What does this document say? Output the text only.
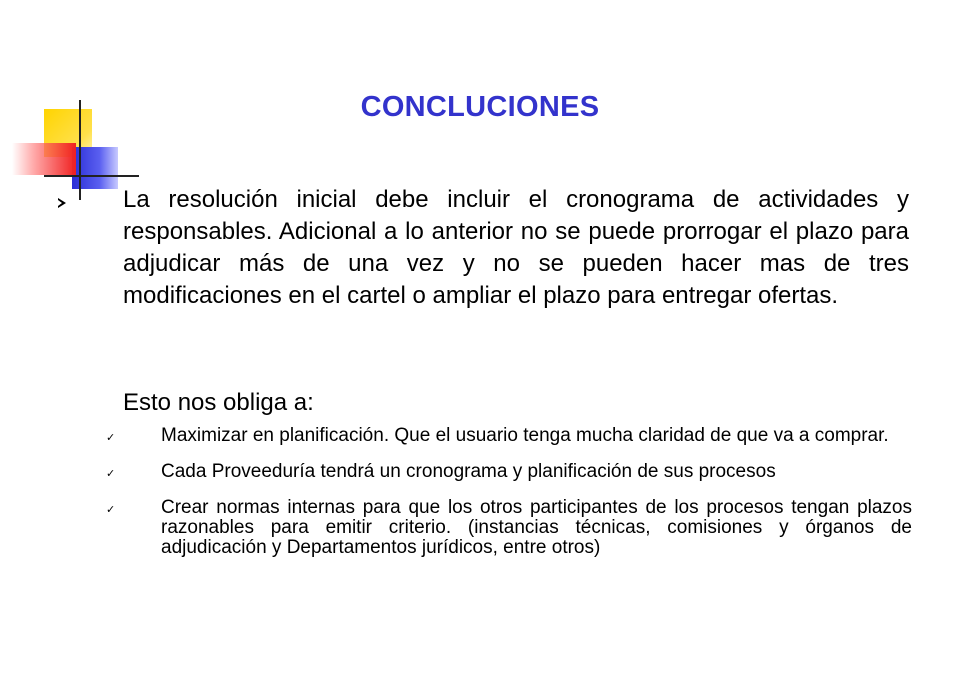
CONCLUCIONES
La resolución inicial debe incluir el cronograma de actividades y responsables. Adicional a lo anterior no se puede prorrogar el plazo para adjudicar más de una vez y no se pueden hacer mas de tres modificaciones en el cartel o ampliar el plazo para entregar ofertas.
Esto nos obliga a:
✓ Maximizar en planificación. Que el usuario tenga mucha claridad de que va a comprar.
✓ Cada Proveeduría tendrá un cronograma y planificación de sus procesos
✓ Crear normas internas para que los otros participantes de los procesos tengan plazos razonables para emitir criterio. (instancias técnicas, comisiones y órganos de adjudicación y Departamentos jurídicos, entre otros)
